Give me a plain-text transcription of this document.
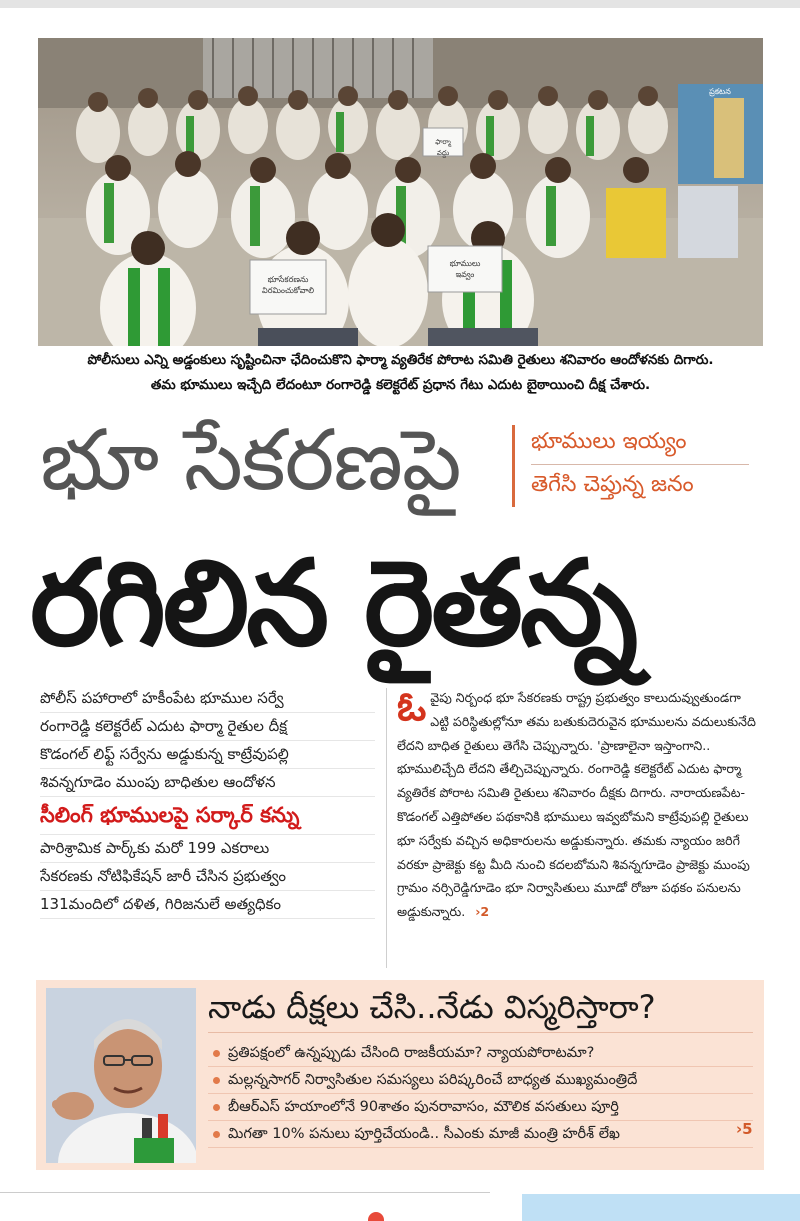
భూసేకరణను విరమించుకోవాలి
భూములు ఇవ్వం
ఫార్మా వద్దు
ప్రకటన
పోలీసులు ఎన్ని అడ్డంకులు సృష్టించినా ఛేదించుకొని ఫార్మా వ్యతిరేక పోరాట సమితి రైతులు శనివారం ఆందోళనకు దిగారు.
తమ భూములు ఇచ్చేది లేదంటూ రంగారెడ్డి కలెక్టరేట్ ప్రధాన గేటు ఎదుట బైఠాయించి దీక్ష చేశారు.
భూ సేకరణపై	భూములు ఇయ్యం
తెగేసి చెప్తున్న జనం
రగిలిన రైతన్న
పోలీస్ పహారాలో హకీంపేట భూముల సర్వే
రంగారెడ్డి కలెక్టరేట్ ఎదుట ఫార్మా రైతుల దీక్ష
కొడంగల్ లిఫ్ట్ సర్వేను అడ్డుకున్న కాట్రేవుపల్లి
శివన్నగూడెం ముంపు బాధితుల ఆందోళన
సీలింగ్ భూములపై సర్కార్ కన్ను
పారిశ్రామిక పార్క్‌కు మరో 199 ఎకరాలు
సేకరణకు నోటిఫికేషన్ జారీ చేసిన ప్రభుత్వం
131మందిలో దళిత, గిరిజనులే అత్యధికం
ఓ వైపు నిర్బంధ భూ సేకరణకు రాష్ట్ర ప్రభుత్వం కాలుదువ్వుతుండగా ఎట్టి పరిస్థితుల్లోనూ తమ బతుకుదెరువైన భూములను వదులుకునేది లేదని బాధిత రైతులు తెగేసి చెప్పున్నారు. 'ప్రాణాలైనా ఇస్తాంగాని.. భూములిచ్చేది లేదని తేల్చిచెప్పున్నారు. రంగారెడ్డి కలెక్టరేట్ ఎదుట ఫార్మా వ్యతిరేక పోరాట సమితి రైతులు శనివారం దీక్షకు దిగారు. నారాయణపేట-కొడంగల్ ఎత్తిపోతల పథకానికి భూములు ఇవ్వబోమని కాట్రేవుపల్లి రైతులు భూ సర్వేకు వచ్చిన అధికారులను అడ్డుకున్నారు. తమకు న్యాయం జరిగే వరకూ ప్రాజెక్టు కట్ట మీది నుంచి కదలబోమని శివన్నగూడెం ప్రాజెక్టు ముంపు గ్రామం నర్సిరెడ్డిగూడెం భూ నిర్వాసితులు మూడో రోజూ పథకం పనులను అడ్డుకున్నారు. ›2
నాడు దీక్షలు చేసి..నేడు విస్మరిస్తారా?
ప్రతిపక్షంలో ఉన్నప్పుడు చేసింది రాజకీయమా? న్యాయపోరాటమా?
మల్లన్నసాగర్ నిర్వాసితుల సమస్యలు పరిష్కరించే బాధ్యత ముఖ్యమంత్రిదే
బీఆర్ఎస్ హయాంలోనే 90శాతం పునరావాసం, మౌలిక వసతులు పూర్తి
మిగతా 10% పనులు పూర్తిచేయండి.. సీఎంకు మాజీ మంత్రి హరీశ్ లేఖ	›5
